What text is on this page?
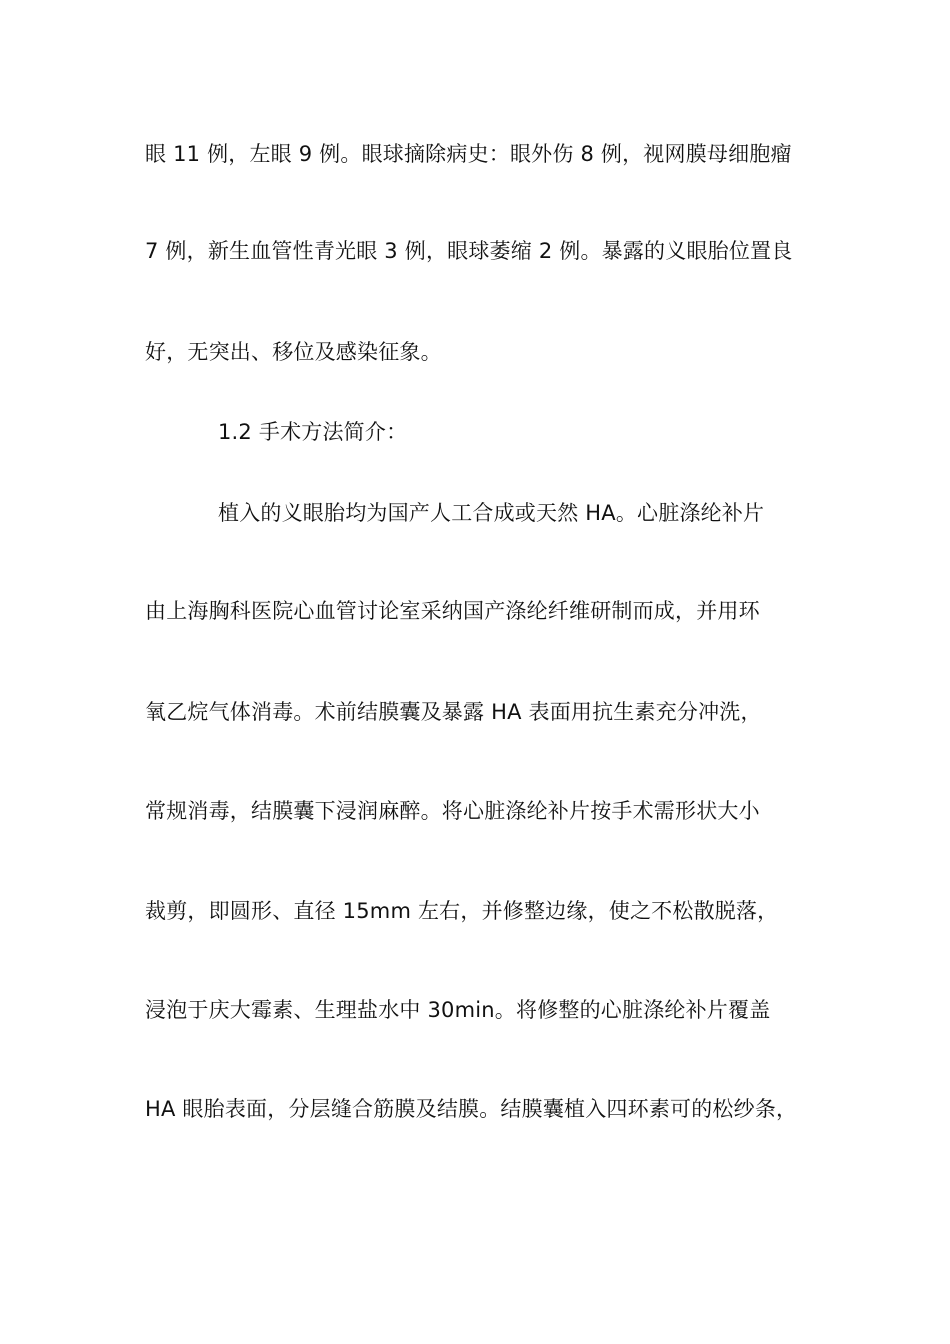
眼 11 例，左眼 9 例。眼球摘除病史：眼外伤 8 例，视网膜母细胞瘤
7 例，新生血管性青光眼 3 例，眼球萎缩 2 例。暴露的义眼胎位置良
好，无突出、移位及感染征象。
1.2 手术方法简介：
植入的义眼胎均为国产人工合成或天然 HA。心脏涤纶补片
由上海胸科医院心血管讨论室采纳国产涤纶纤维研制而成，并用环
氧乙烷气体消毒。术前结膜囊及暴露 HA 表面用抗生素充分冲洗，
常规消毒，结膜囊下浸润麻醉。将心脏涤纶补片按手术需形状大小
裁剪，即圆形、直径 15mm 左右，并修整边缘，使之不松散脱落，
浸泡于庆大霉素、生理盐水中 30min。将修整的心脏涤纶补片覆盖
HA 眼胎表面，分层缝合筋膜及结膜。结膜囊植入四环素可的松纱条，
